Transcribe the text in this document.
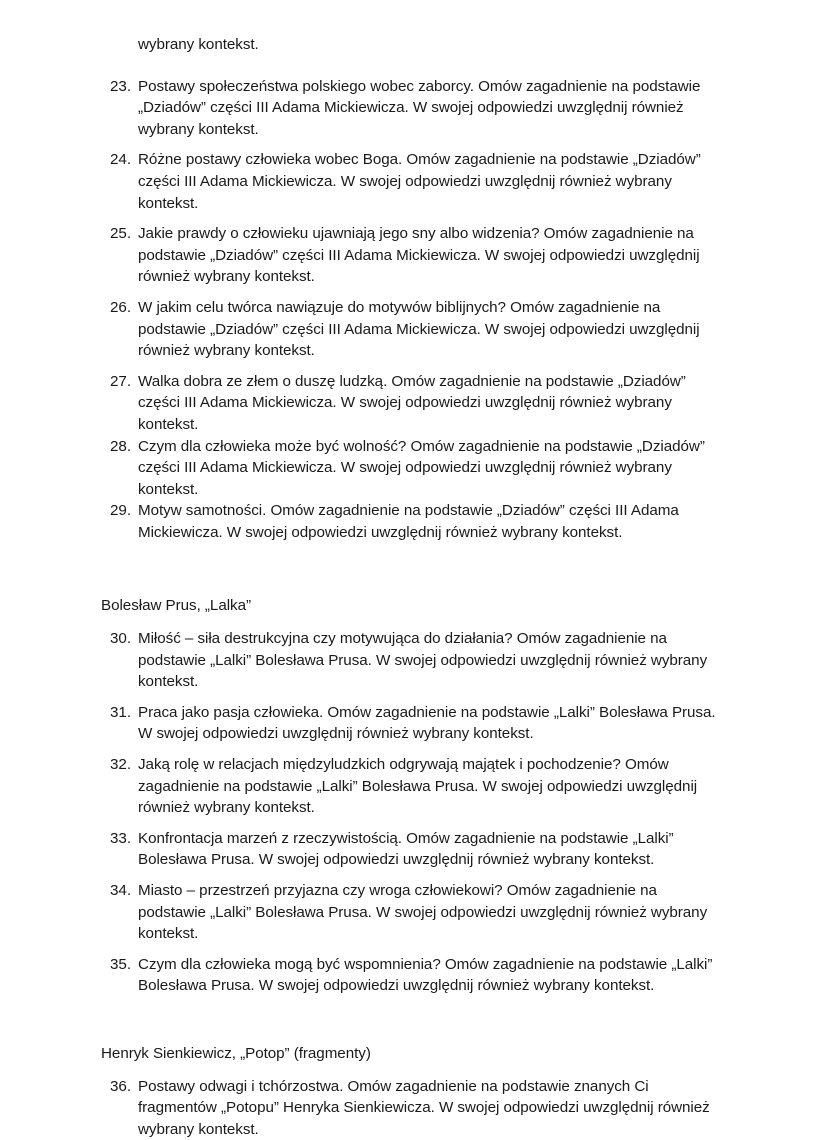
wybrany kontekst.

23. Postawy społeczeństwa polskiego wobec zaborcy. Omów zagadnienie na podstawie „Dziadów” części III Adama Mickiewicza. W swojej odpowiedzi uwzględnij również wybrany kontekst.
24. Różne postawy człowieka wobec Boga. Omów zagadnienie na podstawie „Dziadów” części III Adama Mickiewicza. W swojej odpowiedzi uwzględnij również wybrany kontekst.
25. Jakie prawdy o człowieku ujawniają jego sny albo widzenia? Omów zagadnienie na podstawie „Dziadów” części III Adama Mickiewicza. W swojej odpowiedzi uwzględnij również wybrany kontekst.
26. W jakim celu twórca nawiązuje do motywów biblijnych? Omów zagadnienie na podstawie „Dziadów” części III Adama Mickiewicza. W swojej odpowiedzi uwzględnij również wybrany kontekst.
27. Walka dobra ze złem o duszę ludzką. Omów zagadnienie na podstawie „Dziadów” części III Adama Mickiewicza. W swojej odpowiedzi uwzględnij również wybrany kontekst.
28. Czym dla człowieka może być wolność? Omów zagadnienie na podstawie „Dziadów” części III Adama Mickiewicza. W swojej odpowiedzi uwzględnij również wybrany kontekst.
29. Motyw samotności. Omów zagadnienie na podstawie „Dziadów” części III Adama Mickiewicza. W swojej odpowiedzi uwzględnij również wybrany kontekst.

Bolesław Prus, „Lalka”

30. Miłość – siła destrukcyjna czy motywująca do działania? Omów zagadnienie na podstawie „Lalki” Bolesława Prusa. W swojej odpowiedzi uwzględnij również wybrany kontekst.
31. Praca jako pasja człowieka. Omów zagadnienie na podstawie „Lalki” Bolesława Prusa. W swojej odpowiedzi uwzględnij również wybrany kontekst.
32. Jaką rolę w relacjach międzyludzkich odgrywają majątek i pochodzenie? Omów zagadnienie na podstawie „Lalki” Bolesława Prusa. W swojej odpowiedzi uwzględnij również wybrany kontekst.
33. Konfrontacja marzeń z rzeczywistością. Omów zagadnienie na podstawie „Lalki” Bolesława Prusa. W swojej odpowiedzi uwzględnij również wybrany kontekst.
34. Miasto – przestrzeń przyjazna czy wroga człowiekowi? Omów zagadnienie na podstawie „Lalki” Bolesława Prusa. W swojej odpowiedzi uwzględnij również wybrany kontekst.
35. Czym dla człowieka mogą być wspomnienia? Omów zagadnienie na podstawie „Lalki” Bolesława Prusa. W swojej odpowiedzi uwzględnij również wybrany kontekst.

Henryk Sienkiewicz, „Potop” (fragmenty)

36. Postawy odwagi i tchórzostwa. Omów zagadnienie na podstawie znanych Ci fragmentów „Potopu” Henryka Sienkiewicza. W swojej odpowiedzi uwzględnij również wybrany kontekst.
